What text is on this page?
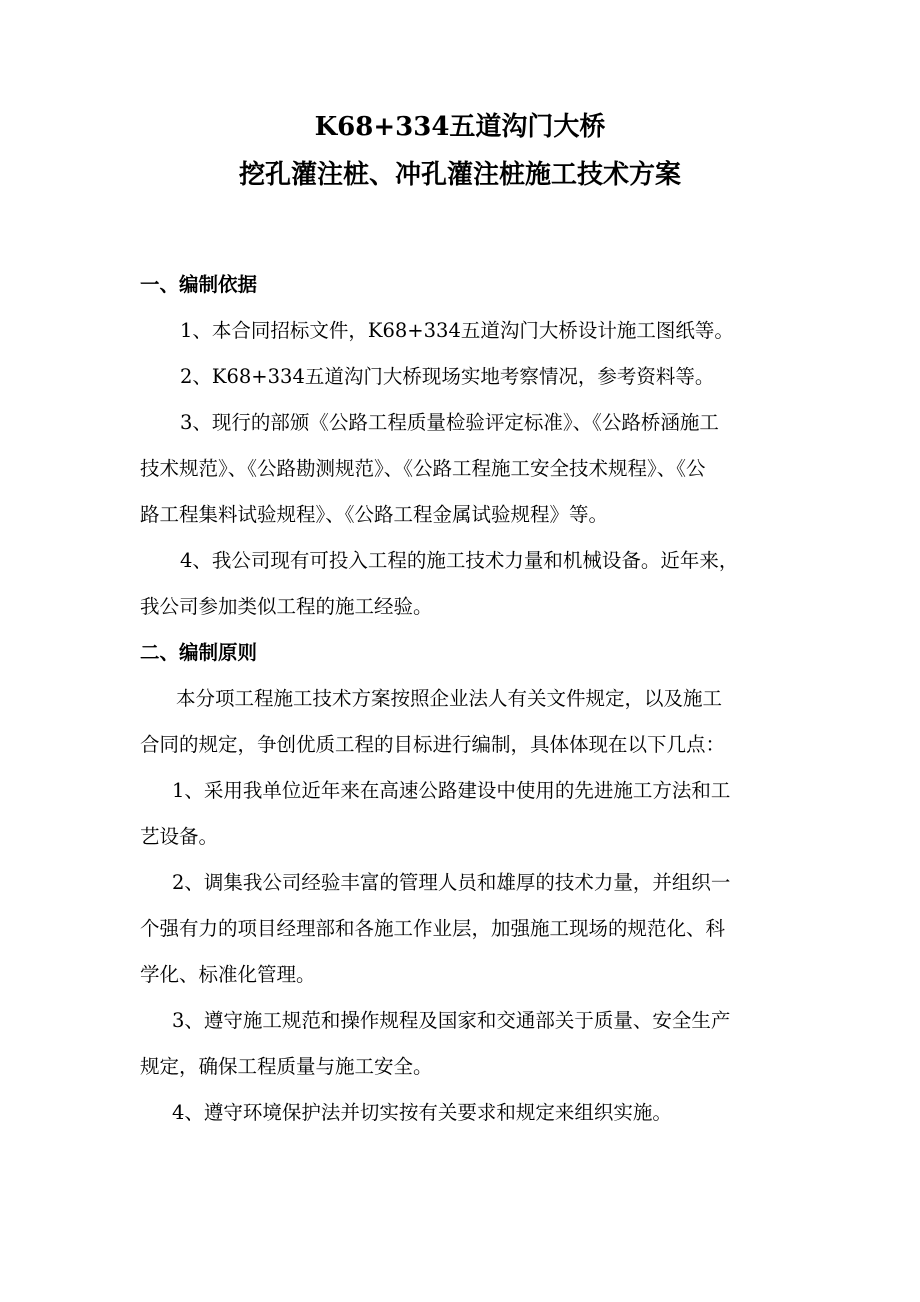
K68+334五道沟门大桥
挖孔灌注桩、冲孔灌注桩施工技术方案
一、编制依据
1、本合同招标文件，K68+334五道沟门大桥设计施工图纸等。
2、K68+334五道沟门大桥现场实地考察情况，参考资料等。
3、现行的部颁《公路工程质量检验评定标准》、《公路桥涵施工
技术规范》、《公路勘测规范》、《公路工程施工安全技术规程》、《公
路工程集料试验规程》、《公路工程金属试验规程》等。
4、我公司现有可投入工程的施工技术力量和机械设备。近年来，
我公司参加类似工程的施工经验。
二、编制原则
本分项工程施工技术方案按照企业法人有关文件规定，以及施工
合同的规定，争创优质工程的目标进行编制，具体体现在以下几点：
1、采用我单位近年来在高速公路建设中使用的先进施工方法和工
艺设备。
2、调集我公司经验丰富的管理人员和雄厚的技术力量，并组织一
个强有力的项目经理部和各施工作业层，加强施工现场的规范化、科
学化、标准化管理。
3、遵守施工规范和操作规程及国家和交通部关于质量、安全生产
规定，确保工程质量与施工安全。
4、遵守环境保护法并切实按有关要求和规定来组织实施。
